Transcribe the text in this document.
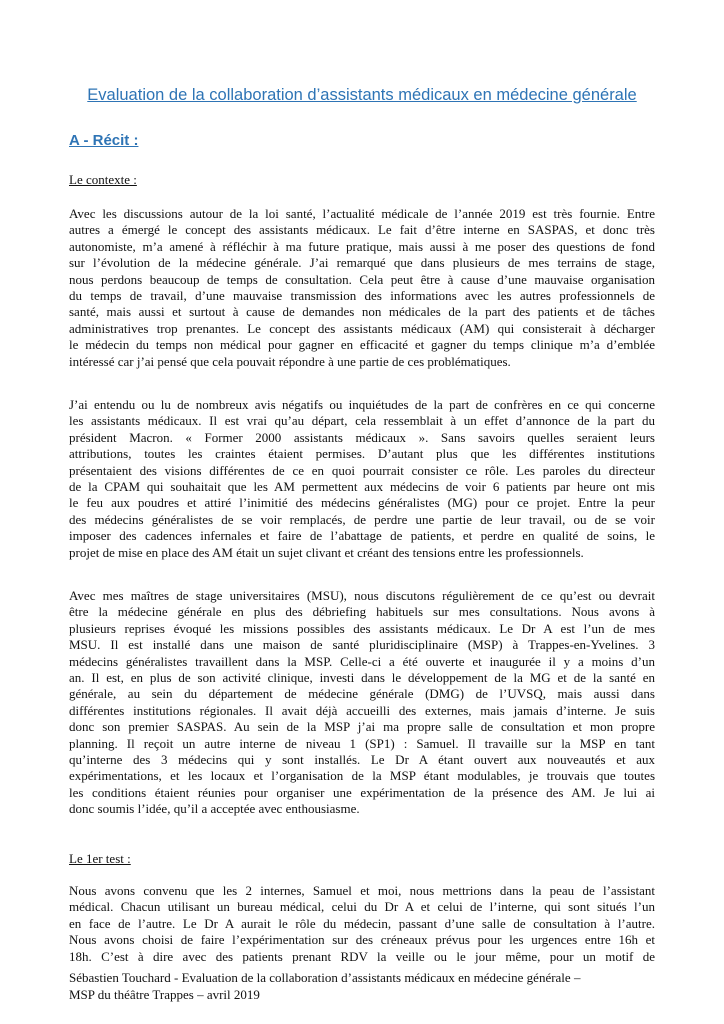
Evaluation de la collaboration d’assistants médicaux en médecine générale
A - Récit :
Le contexte :
Avec les discussions autour de la loi santé, l’actualité médicale de l’année 2019 est très fournie. Entre
autres a émergé le concept des assistants médicaux. Le fait d’être interne en SASPAS, et donc très
autonomiste, m’a amené à réfléchir à ma future pratique, mais aussi à me poser des questions de fond
sur l’évolution de la médecine générale. J’ai remarqué que dans plusieurs de mes terrains de stage,
nous perdons beaucoup de temps de consultation. Cela peut être à cause d’une mauvaise organisation
du temps de travail, d’une mauvaise transmission des informations avec les autres professionnels de
santé, mais aussi et surtout à cause de demandes non médicales de la part des patients et de tâches
administratives trop prenantes. Le concept des assistants médicaux (AM) qui consisterait à décharger
le médecin du temps non médical pour gagner en efficacité et gagner du temps clinique m’a d’emblée
intéressé car j’ai pensé que cela pouvait répondre à une partie de ces problématiques.
J’ai entendu ou lu de nombreux avis négatifs ou inquiétudes de la part de confrères en ce qui concerne
les assistants médicaux. Il est vrai qu’au départ, cela ressemblait à un effet d’annonce de la part du
président Macron. « Former 2000 assistants médicaux ». Sans savoirs quelles seraient leurs
attributions, toutes les craintes étaient permises. D’autant plus que les différentes institutions
présentaient des visions différentes de ce en quoi pourrait consister ce rôle. Les paroles du directeur
de la CPAM qui souhaitait que les AM permettent aux médecins de voir 6 patients par heure ont mis
le feu aux poudres et attiré l’inimitié des médecins généralistes (MG) pour ce projet. Entre la peur
des médecins généralistes de se voir remplacés, de perdre une partie de leur travail, ou de se voir
imposer des cadences infernales et faire de l’abattage de patients, et perdre en qualité de soins, le
projet de mise en place des AM était un sujet clivant et créant des tensions entre les professionnels.
Avec mes maîtres de stage universitaires (MSU), nous discutons régulièrement de ce qu’est ou devrait
être la médecine générale en plus des débriefing habituels sur mes consultations. Nous avons à
plusieurs reprises évoqué les missions possibles des assistants médicaux. Le Dr A est l’un de mes
MSU. Il est installé dans une maison de santé pluridisciplinaire (MSP) à Trappes-en-Yvelines. 3
médecins généralistes travaillent dans la MSP. Celle-ci a été ouverte et inaugurée il y a moins d’un
an. Il est, en plus de son activité clinique, investi dans le développement de la MG et de la santé en
générale, au sein du département de médecine générale (DMG) de l’UVSQ, mais aussi dans
différentes institutions régionales. Il avait déjà accueilli des externes, mais jamais d’interne. Je suis
donc son premier SASPAS. Au sein de la MSP j’ai ma propre salle de consultation et mon propre
planning. Il reçoit un autre interne de niveau 1 (SP1) : Samuel. Il travaille sur la MSP en tant
qu’interne des 3 médecins qui y sont installés. Le Dr A étant ouvert aux nouveautés et aux
expérimentations, et les locaux et l’organisation de la MSP étant modulables, je trouvais que toutes
les conditions étaient réunies pour organiser une expérimentation de la présence des AM. Je lui ai
donc soumis l’idée, qu’il a acceptée avec enthousiasme.
Le 1er test :
Nous avons convenu que les 2 internes, Samuel et moi, nous mettrions dans la peau de l’assistant
médical. Chacun utilisant un bureau médical, celui du Dr A et celui de l’interne, qui sont situés l’un
en face de l’autre. Le Dr A aurait le rôle du médecin, passant d’une salle de consultation à l’autre.
Nous avons choisi de faire l’expérimentation sur des créneaux prévus pour les urgences entre 16h et
18h. C’est à dire avec des patients prenant RDV la veille ou le jour même, pour un motif de
Sébastien Touchard - Evaluation de la collaboration d’assistants médicaux en médecine générale –
MSP du théâtre Trappes – avril 2019
